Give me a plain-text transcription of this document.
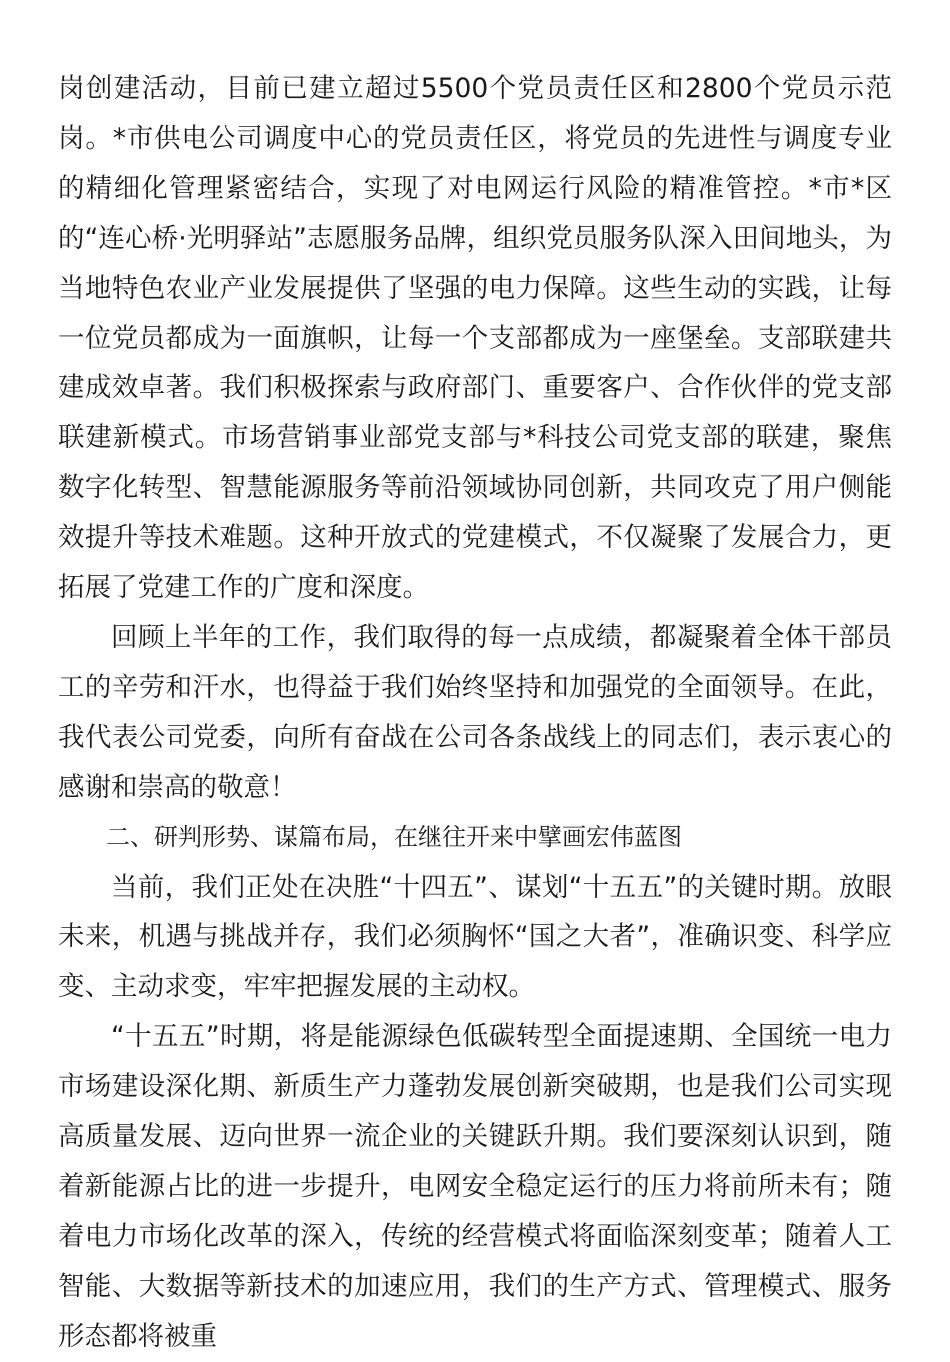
岗创建活动，目前已建立超过5500个党员责任区和2800个党员示范岗。*市供电公司调度中心的党员责任区，将党员的先进性与调度专业的精细化管理紧密结合，实现了对电网运行风险的精准管控。*市*区的“连心桥·光明驿站”志愿服务品牌，组织党员服务队深入田间地头，为当地特色农业产业发展提供了坚强的电力保障。这些生动的实践，让每一位党员都成为一面旗帜，让每一个支部都成为一座堡垒。支部联建共建成效卓著。我们积极探索与政府部门、重要客户、合作伙伴的党支部联建新模式。市场营销事业部党支部与*科技公司党支部的联建，聚焦数字化转型、智慧能源服务等前沿领域协同创新，共同攻克了用户侧能效提升等技术难题。这种开放式的党建模式，不仅凝聚了发展合力，更拓展了党建工作的广度和深度。

回顾上半年的工作，我们取得的每一点成绩，都凝聚着全体干部员工的辛劳和汗水，也得益于我们始终坚持和加强党的全面领导。在此，我代表公司党委，向所有奋战在公司各条战线上的同志们，表示衷心的感谢和崇高的敬意！

二、研判形势、谋篇布局，在继往开来中擘画宏伟蓝图

当前，我们正处在决胜“十四五”、谋划“十五五”的关键时期。放眼未来，机遇与挑战并存，我们必须胸怀“国之大者”，准确识变、科学应变、主动求变，牢牢把握发展的主动权。

“十五五”时期，将是能源绿色低碳转型全面提速期、全国统一电力市场建设深化期、新质生产力蓬勃发展创新突破期，也是我们公司实现高质量发展、迈向世界一流企业的关键跃升期。我们要深刻认识到，随着新能源占比的进一步提升，电网安全稳定运行的压力将前所未有；随着电力市场化改革的深入，传统的经营模式将面临深刻变革；随着人工智能、大数据等新技术的加速应用，我们的生产方式、管理模式、服务形态都将被重
